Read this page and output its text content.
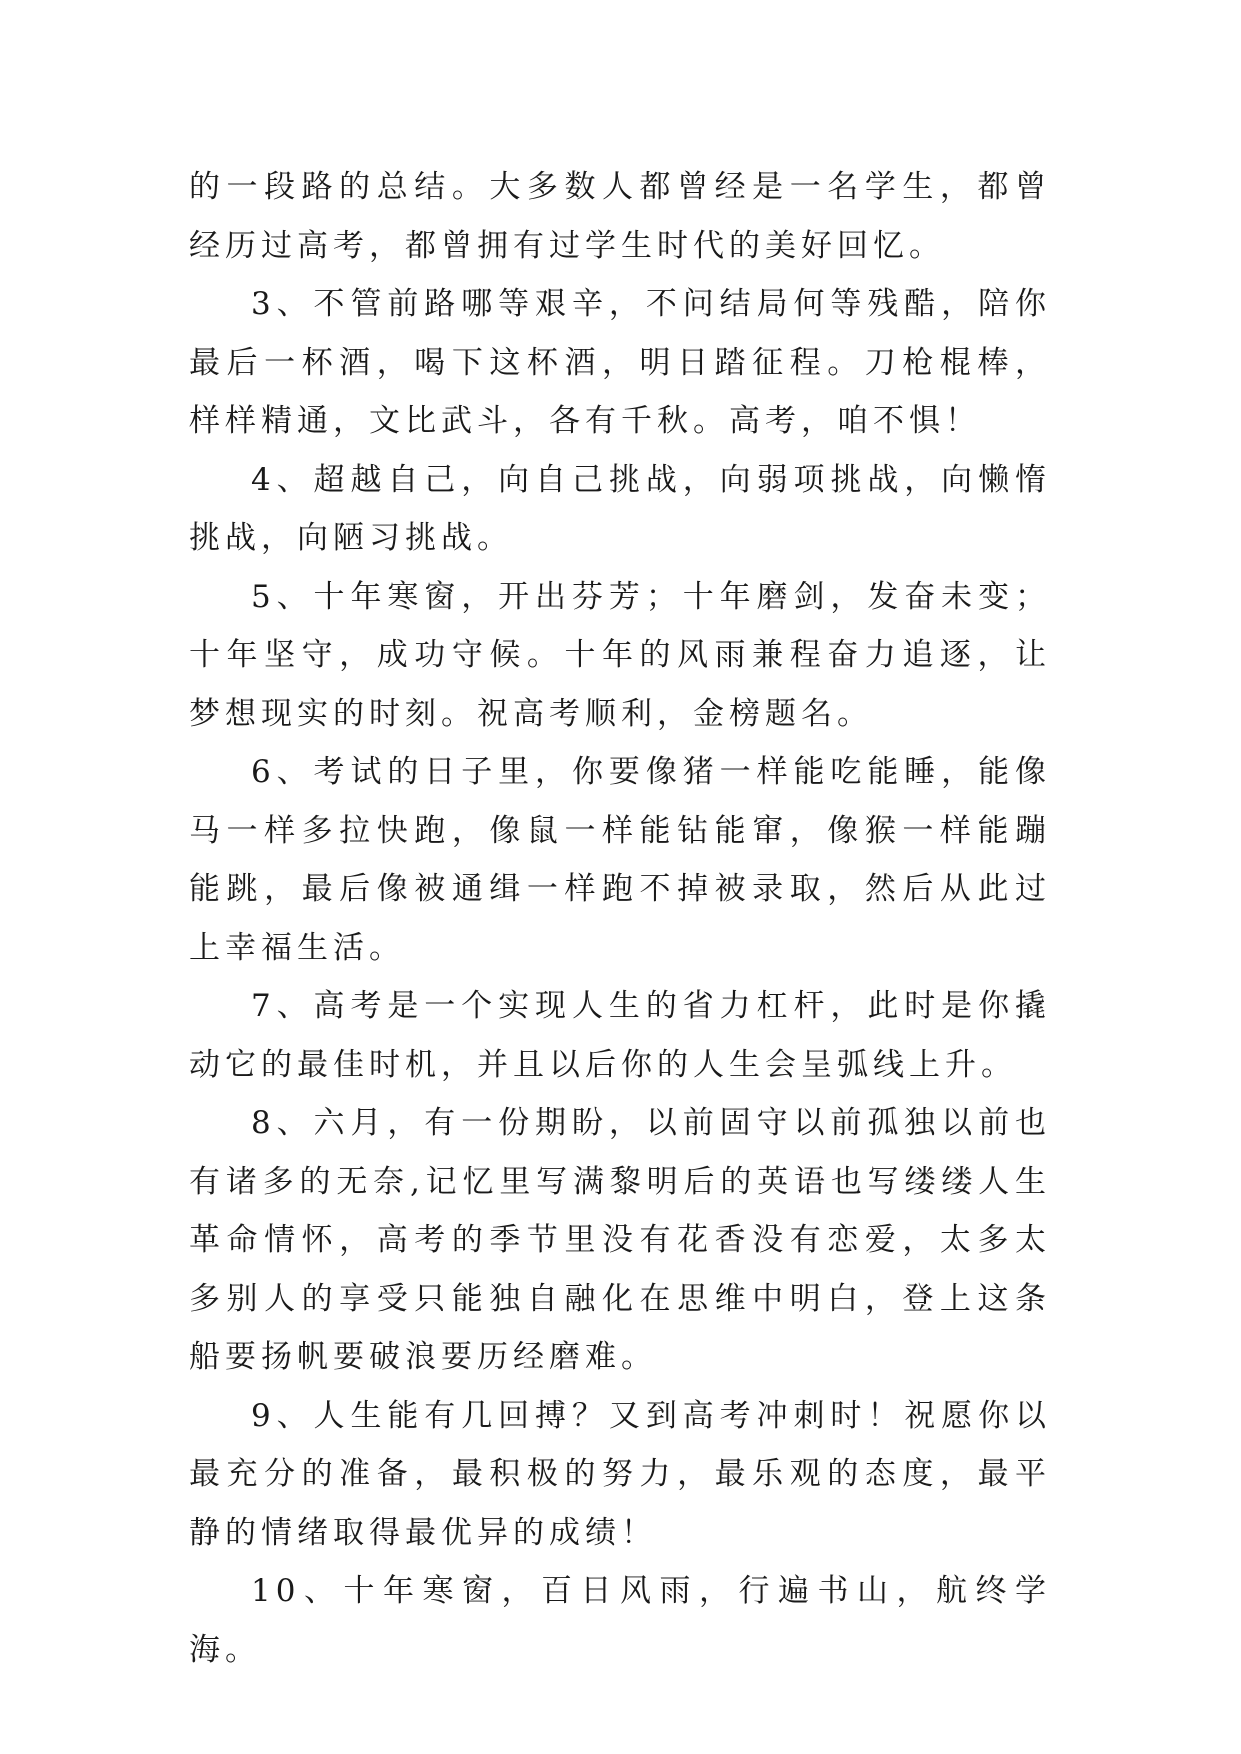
的一段路的总结。大多数人都曾经是一名学生，都曾经历过高考，都曾拥有过学生时代的美好回忆。

3、不管前路哪等艰辛，不问结局何等残酷，陪你最后一杯酒，喝下这杯酒，明日踏征程。刀枪棍棒，样样精通，文比武斗，各有千秋。高考，咱不惧！

4、超越自己，向自己挑战，向弱项挑战，向懒惰挑战，向陋习挑战。

5、十年寒窗，开出芬芳；十年磨剑，发奋未变；十年坚守，成功守候。十年的风雨兼程奋力追逐，让梦想现实的时刻。祝高考顺利，金榜题名。

6、考试的日子里，你要像猪一样能吃能睡，能像马一样多拉快跑，像鼠一样能钻能窜，像猴一样能蹦能跳，最后像被通缉一样跑不掉被录取，然后从此过上幸福生活。

7、高考是一个实现人生的省力杠杆，此时是你撬动它的最佳时机，并且以后你的人生会呈弧线上升。

8、六月，有一份期盼，以前固守以前孤独以前也有诸多的无奈,记忆里写满黎明后的英语也写缕缕人生革命情怀，高考的季节里没有花香没有恋爱，太多太多别人的享受只能独自融化在思维中明白，登上这条船要扬帆要破浪要历经磨难。

9、人生能有几回搏？又到高考冲刺时！祝愿你以最充分的准备，最积极的努力，最乐观的态度，最平静的情绪取得最优异的成绩！

10、十年寒窗，百日风雨，行遍书山，航终学海。
